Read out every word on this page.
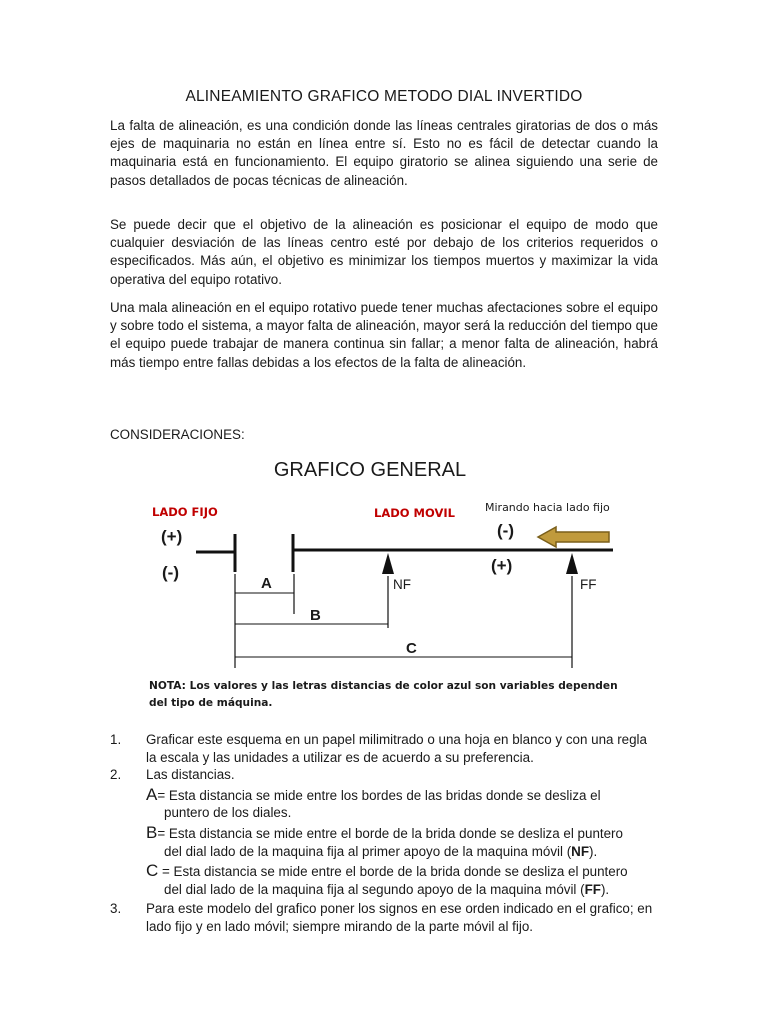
ALINEAMIENTO GRAFICO METODO DIAL INVERTIDO

La falta de alineación, es una condición donde las líneas centrales giratorias de dos o más ejes de maquinaria no están en línea entre sí. Esto no es fácil de detectar cuando la maquinaria está en funcionamiento. El equipo giratorio se alinea siguiendo una serie de pasos detallados de pocas técnicas de alineación.

Se puede decir que el objetivo de la alineación es posicionar el equipo de modo que cualquier desviación de las líneas centro esté por debajo de los criterios requeridos o especificados. Más aún, el objetivo es minimizar los tiempos muertos y maximizar la vida operativa del equipo rotativo.

Una mala alineación en el equipo rotativo puede tener muchas afectaciones sobre el equipo y sobre todo el sistema, a mayor falta de alineación, mayor será la reducción del tiempo que el equipo puede trabajar de manera continua sin fallar; a menor falta de alineación, habrá más tiempo entre fallas debidas a los efectos de la falta de alineación.

CONSIDERACIONES:
GRAFICO GENERAL
LADO FIJO	LADO MOVIL	Mirando hacia lado fijo
(+)
(-)
(-)
(+)
NF	FF
A
B
C

NOTA: Los valores y las letras distancias de color azul son variables dependen del tipo de máquina.

1. Graficar este esquema en un papel milimitrado o una hoja en blanco y con una regla la escala y las unidades a utilizar es de acuerdo a su preferencia.
2. Las distancias.
A= Esta distancia se mide entre los bordes de las bridas donde se desliza el
puntero de los diales.
B= Esta distancia se mide entre el borde de la brida donde se desliza el puntero
del dial lado de la maquina fija al primer apoyo de la maquina móvil (NF).
C = Esta distancia se mide entre el borde de la brida donde se desliza el puntero
del dial lado de la maquina fija al segundo apoyo de la maquina móvil (FF).
3. Para este modelo del grafico poner los signos en ese orden indicado en el grafico; en lado fijo y en lado móvil; siempre mirando de la parte móvil al fijo.
